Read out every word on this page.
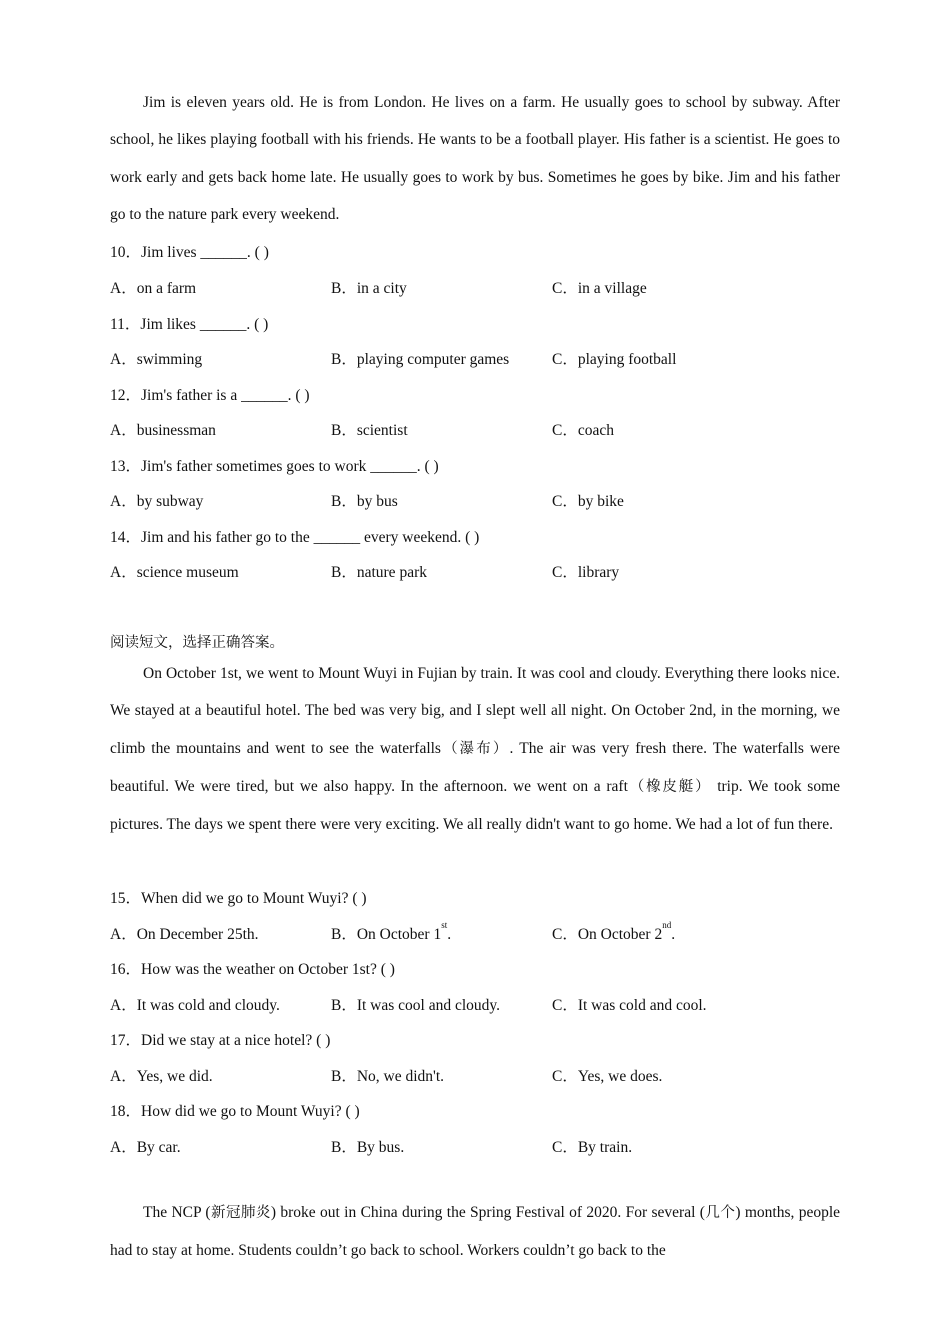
Jim is eleven years old. He is from London. He lives on a farm. He usually goes to school by subway. After school, he likes playing football with his friends. He wants to be a football player. His father is a scientist. He goes to work early and gets back home late. He usually goes to work by bus. Sometimes he goes by bike. Jim and his father go to the nature park every weekend.

10．Jim lives ______. ( )
A．on a farm	B．in a city	C．in a village
11．Jim likes ______. ( )
A．swimming	B．playing computer games	C．playing football
12．Jim's father is a ______. ( )
A．businessman	B．scientist	C．coach
13．Jim's father sometimes goes to work ______. ( )
A．by subway	B．by bus	C．by bike
14．Jim and his father go to the ______ every weekend. ( )
A．science museum	B．nature park	C．library
阅读短文，选择正确答案。

On October 1st, we went to Mount Wuyi in Fujian by train. It was cool and cloudy. Everything there looks nice. We stayed at a beautiful hotel. The bed was very big, and I slept well all night. On October 2nd, in the morning, we climb the mountains and went to see the waterfalls（瀑布）. The air was very fresh there. The waterfalls were beautiful. We were tired, but we also happy. In the afternoon. we went on a raft（橡皮艇） trip. We took some pictures. The days we spent there were very exciting. We all really didn't want to go home. We had a lot of fun there.

15．When did we go to Mount Wuyi? ( )
A．On December 25th.	B．On October 1st.	C．On October 2nd.
16．How was the weather on October 1st? ( )
A．It was cold and cloudy.	B．It was cool and cloudy.	C．It was cold and cool.
17．Did we stay at a nice hotel? ( )
A．Yes, we did.	B．No, we didn't.	C．Yes, we does.
18．How did we go to Mount Wuyi? ( )
A．By car.	B．By bus.	C．By train.

The NCP (新冠肺炎) broke out in China during the Spring Festival of 2020. For several (几个) months, people had to stay at home. Students couldn’t go back to school. Workers couldn’t go back to the
